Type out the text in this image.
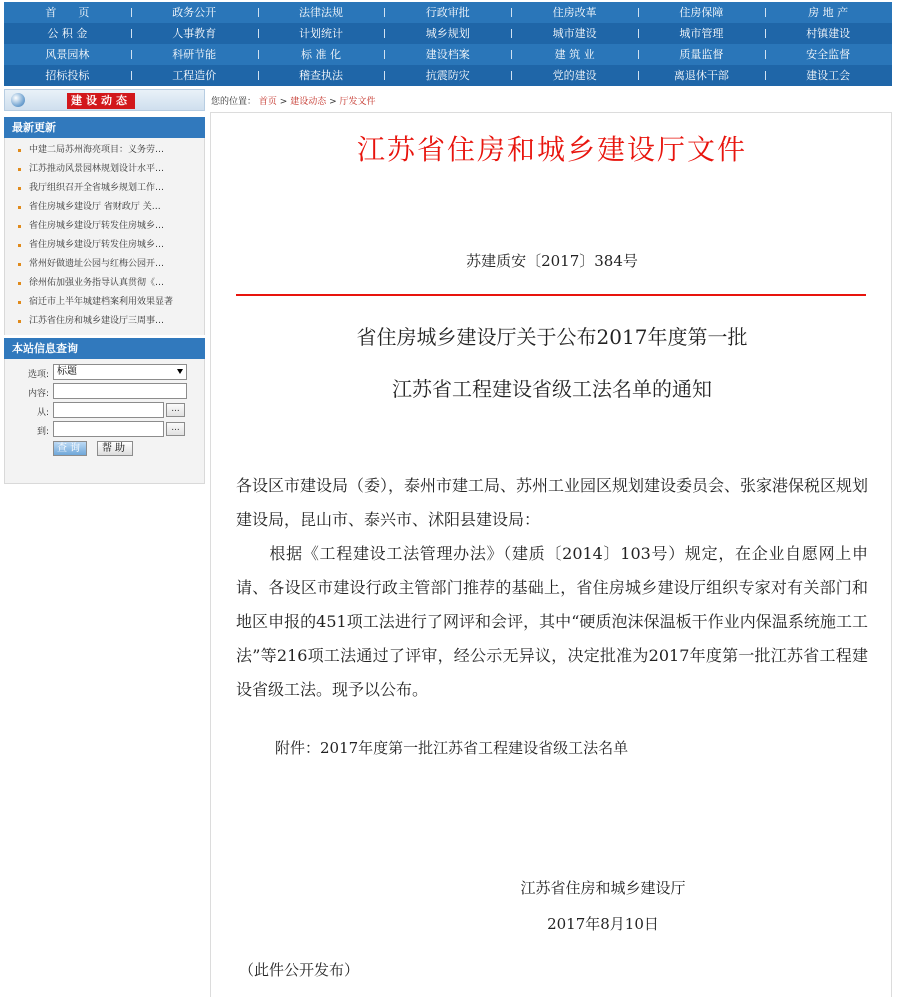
首　　页	政务公开	法律法规	行政审批	住房改革	住房保障	房 地 产
公 积 金	人事教育	计划统计	城乡规划	城市建设	城市管理	村镇建设
风景园林	科研节能	标 准 化	建设档案	建 筑 业	质量监督	安全监督
招标投标	工程造价	稽查执法	抗震防灾	党的建设	离退休干部	建设工会
建设动态
最新更新
中建二局苏州海亮项目：义务劳…
江苏推动风景园林规划设计水平…
我厅组织召开全省城乡规划工作…
省住房城乡建设厅 省财政厅 关…
省住房城乡建设厅转发住房城乡…
省住房城乡建设厅转发住房城乡…
常州好做遗址公园与红梅公园开…
徐州佑加强业务指导认真贯彻《…
宿迁市上半年城建档案利用效果显著
江苏省住房和城乡建设厅三周事…
本站信息查询
选项: 标题
内容:
从:	...
到:	...
查询	帮助
您的位置： 首页 > 建设动态 > 厅发文件
江苏省住房和城乡建设厅文件
苏建质安〔2017〕384号
省住房城乡建设厅关于公布2017年度第一批
江苏省工程建设省级工法名单的通知
各设区市建设局（委），泰州市建工局、苏州工业园区规划建设委员会、张家港保税区规划建设局，昆山市、泰兴市、沭阳县建设局：
　　根据《工程建设工法管理办法》（建质〔2014〕103号）规定，在企业自愿网上申请、各设区市建设行政主管部门推荐的基础上，省住房城乡建设厅组织专家对有关部门和地区申报的451项工法进行了网评和会评，其中“硬质泡沫保温板干作业内保温系统施工工法”等216项工法通过了评审，经公示无异议，决定批准为2017年度第一批江苏省工程建设省级工法。现予以公布。
附件：2017年度第一批江苏省工程建设省级工法名单
江苏省住房和城乡建设厅
2017年8月10日
（此件公开发布）
